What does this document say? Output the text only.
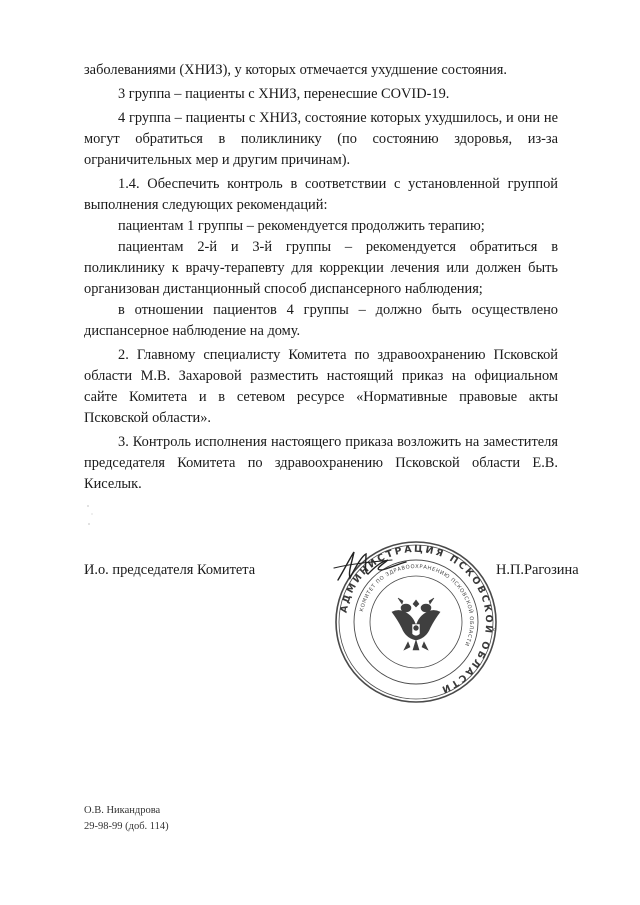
заболеваниями (ХНИЗ), у которых отмечается ухудшение состояния.

3 группа – пациенты с ХНИЗ, перенесшие COVID-19.

4 группа – пациенты с ХНИЗ, состояние которых ухудшилось, и они не могут обратиться в поликлинику (по состоянию здоровья, из-за ограничительных мер и другим причинам).

1.4. Обеспечить контроль в соответствии с установленной группой выполнения следующих рекомендаций:

пациентам 1 группы – рекомендуется продолжить терапию;

пациентам 2-й и 3-й группы – рекомендуется обратиться в поликлинику к врачу-терапевту для коррекции лечения или должен быть организован дистанционный способ диспансерного наблюдения;

в отношении пациентов 4 группы – должно быть осуществлено диспансерное наблюдение на дому.

2. Главному специалисту Комитета по здравоохранению Псковской области М.В. Захаровой разместить настоящий приказ на официальном сайте Комитета и в сетевом ресурсе «Нормативные правовые акты Псковской области».

3. Контроль исполнения настоящего приказа возложить на заместителя председателя Комитета по здравоохранению Псковской области Е.В. Киселык.

И.о. председателя Комитета
АДМИНИСТРАЦИЯ ПСКОВСКОЙ ОБЛАСТИ
КОМИТЕТ ПО ЗДРАВООХРАНЕНИЮ ПСКОВСКОЙ ОБЛАСТИ
Н.П.Рагозина
О.В. Никандрова
29-98-99 (доб. 114)
